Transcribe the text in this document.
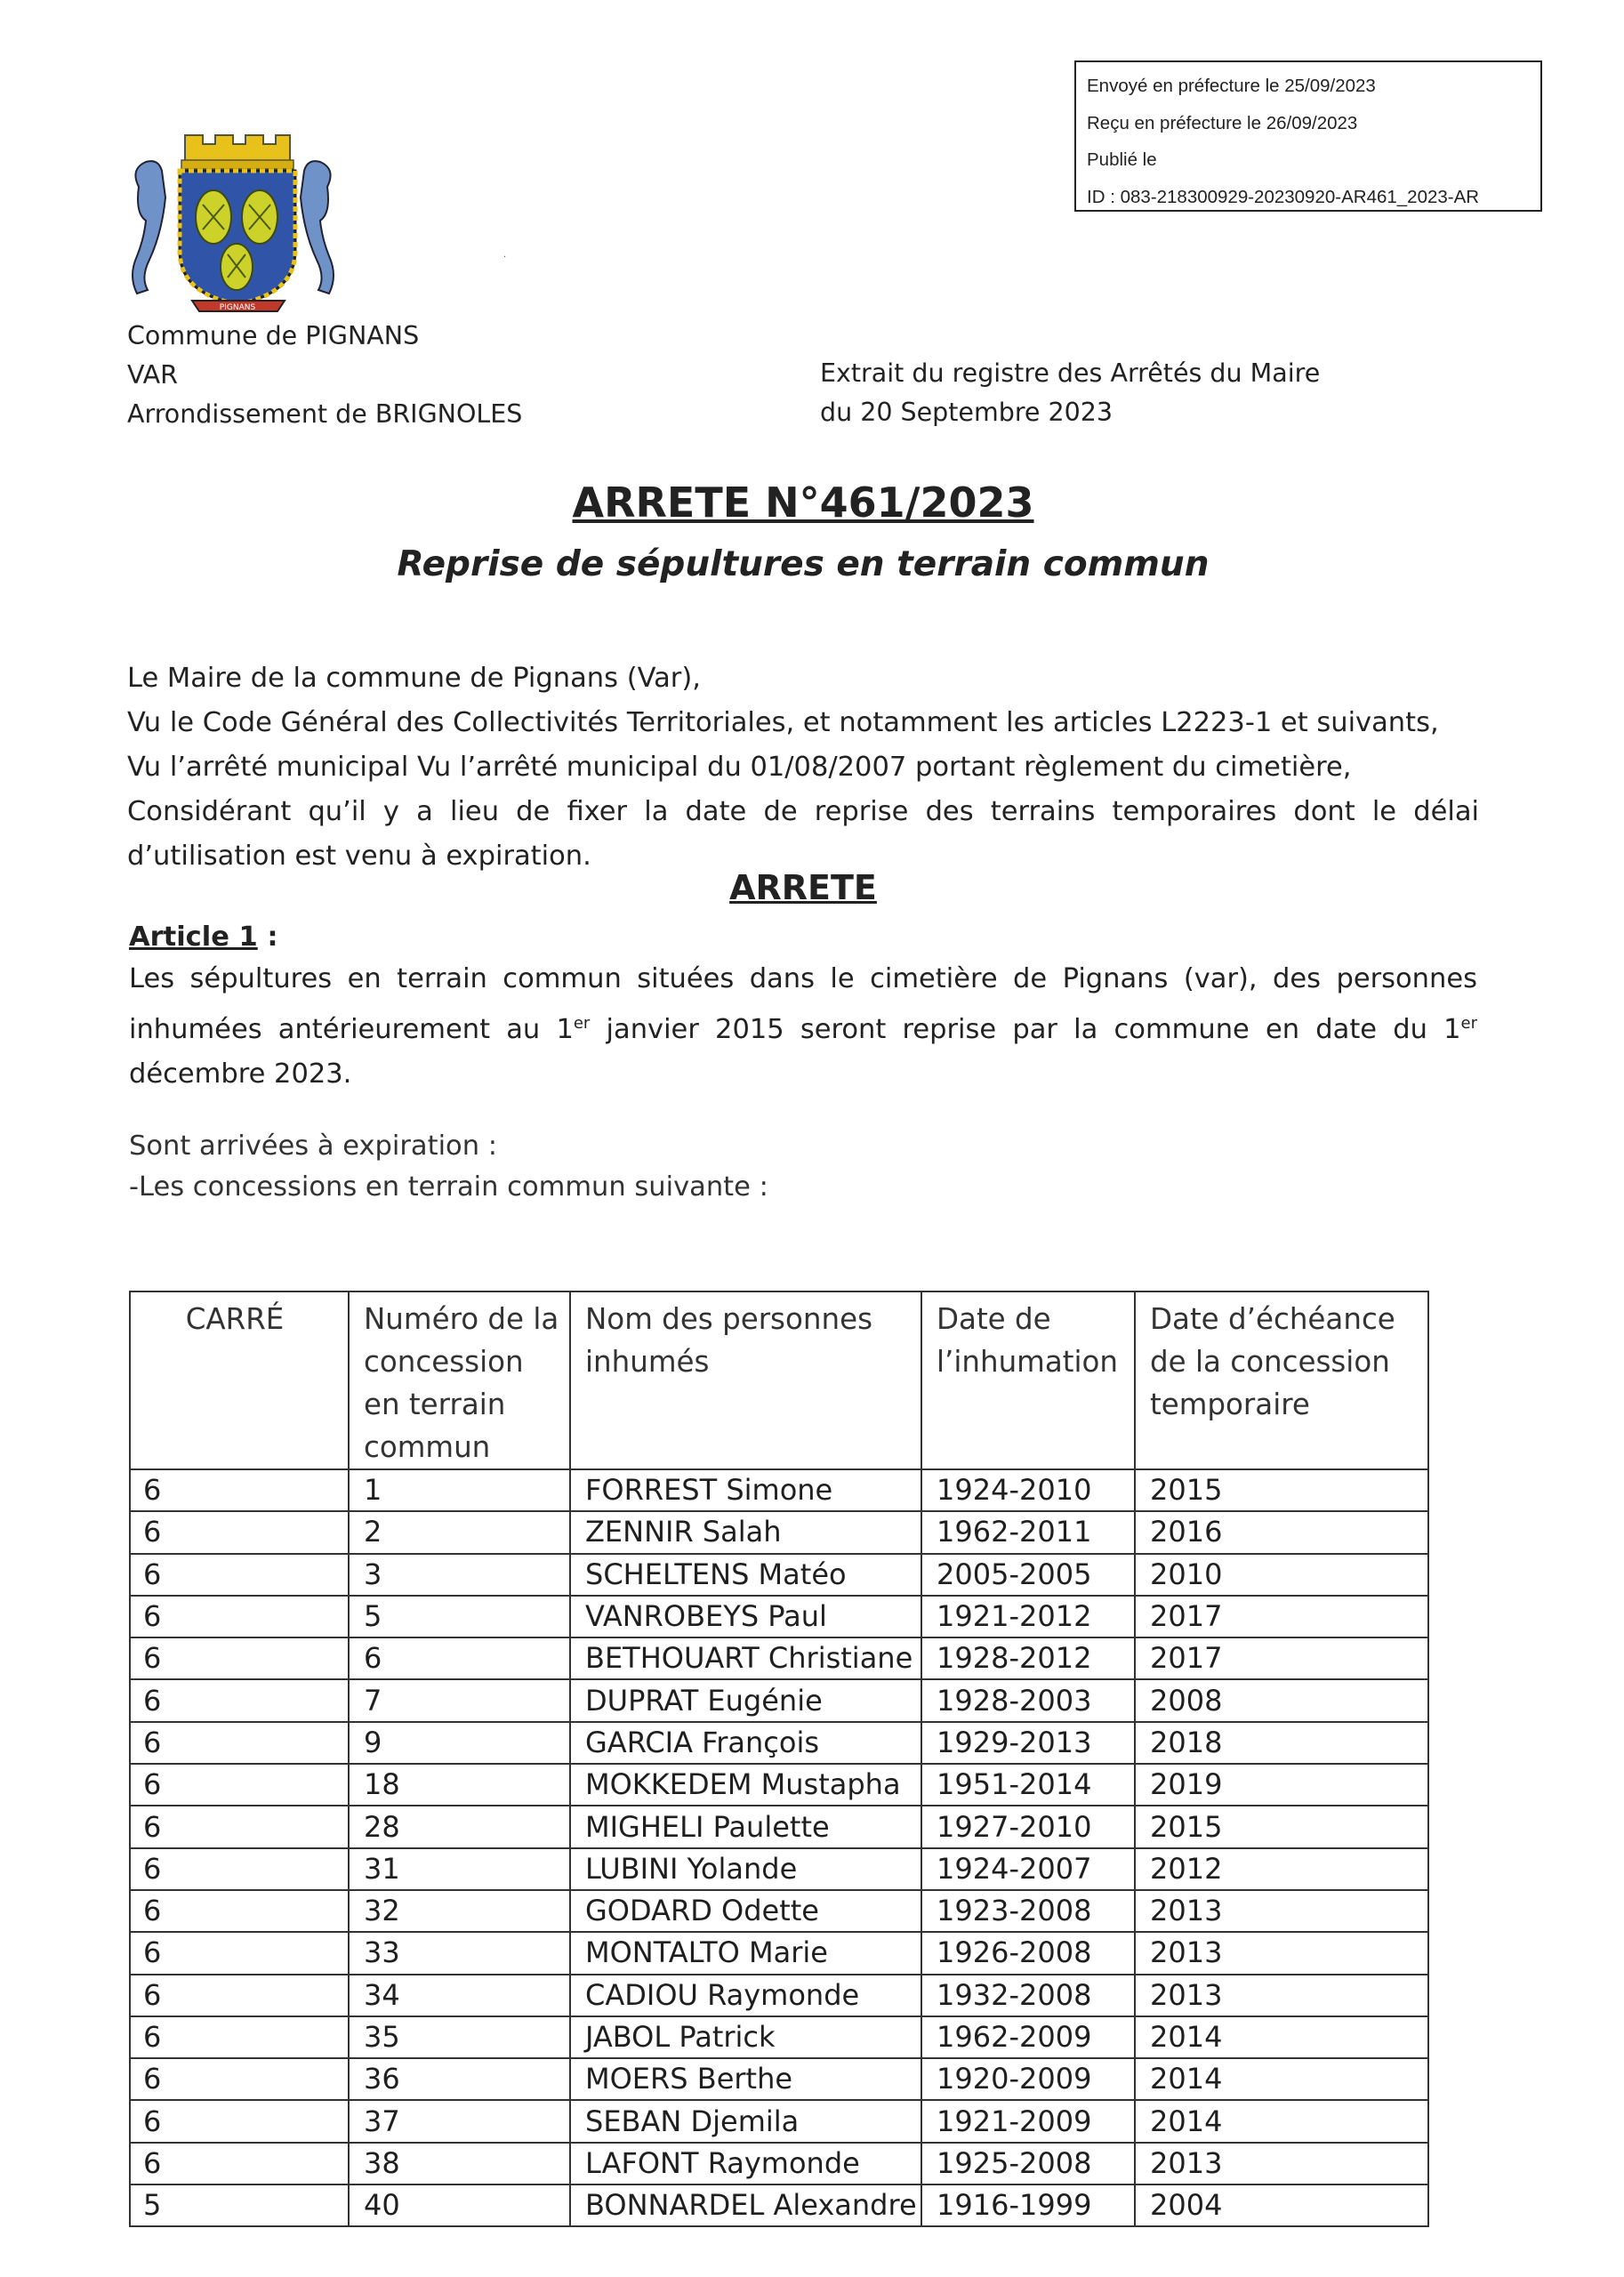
Envoyé en préfecture le 25/09/2023
Reçu en préfecture le 26/09/2023
Publié le
ID : 083-218300929-20230920-AR461_2023-AR
PIGNANS
·
Commune de PIGNANS
VAR
Arrondissement de BRIGNOLES
Extrait du registre des Arrêtés du Maire
du 20 Septembre 2023
ARRETE N°461/2023
Reprise de sépultures en terrain commun

Le Maire de la commune de Pignans (Var),

Vu le Code Général des Collectivités Territoriales, et notamment les articles L2223-1 et suivants,

Vu l’arrêté municipal Vu l’arrêté municipal du 01/08/2007 portant règlement du cimetière,

Considérant qu’il y a lieu de fixer la date de reprise des terrains temporaires dont le délai d’utilisation est venu à expiration.

ARRETE
Article 1 :
Les sépultures en terrain commun situées dans le cimetière de Pignans (var), des personnes inhumées antérieurement au 1er janvier 2015 seront reprise par la commune en date du 1er décembre 2023.
Sont arrivées à expiration :
-Les concessions en terrain commun suivante :
CARRÉ	Numéro de la concession en terrain commun	Nom des personnes inhumés	Date de l’inhumation	Date d’échéance de la concession temporaire
6	1	FORREST Simone	1924-2010	2015
6	2	ZENNIR Salah	1962-2011	2016
6	3	SCHELTENS Matéo	2005-2005	2010
6	5	VANROBEYS Paul	1921-2012	2017
6	6	BETHOUART Christiane	1928-2012	2017
6	7	DUPRAT Eugénie	1928-2003	2008
6	9	GARCIA François	1929-2013	2018
6	18	MOKKEDEM Mustapha	1951-2014	2019
6	28	MIGHELI Paulette	1927-2010	2015
6	31	LUBINI Yolande	1924-2007	2012
6	32	GODARD Odette	1923-2008	2013
6	33	MONTALTO Marie	1926-2008	2013
6	34	CADIOU Raymonde	1932-2008	2013
6	35	JABOL Patrick	1962-2009	2014
6	36	MOERS Berthe	1920-2009	2014
6	37	SEBAN Djemila	1921-2009	2014
6	38	LAFONT Raymonde	1925-2008	2013
5	40	BONNARDEL Alexandre	1916-1999	2004
